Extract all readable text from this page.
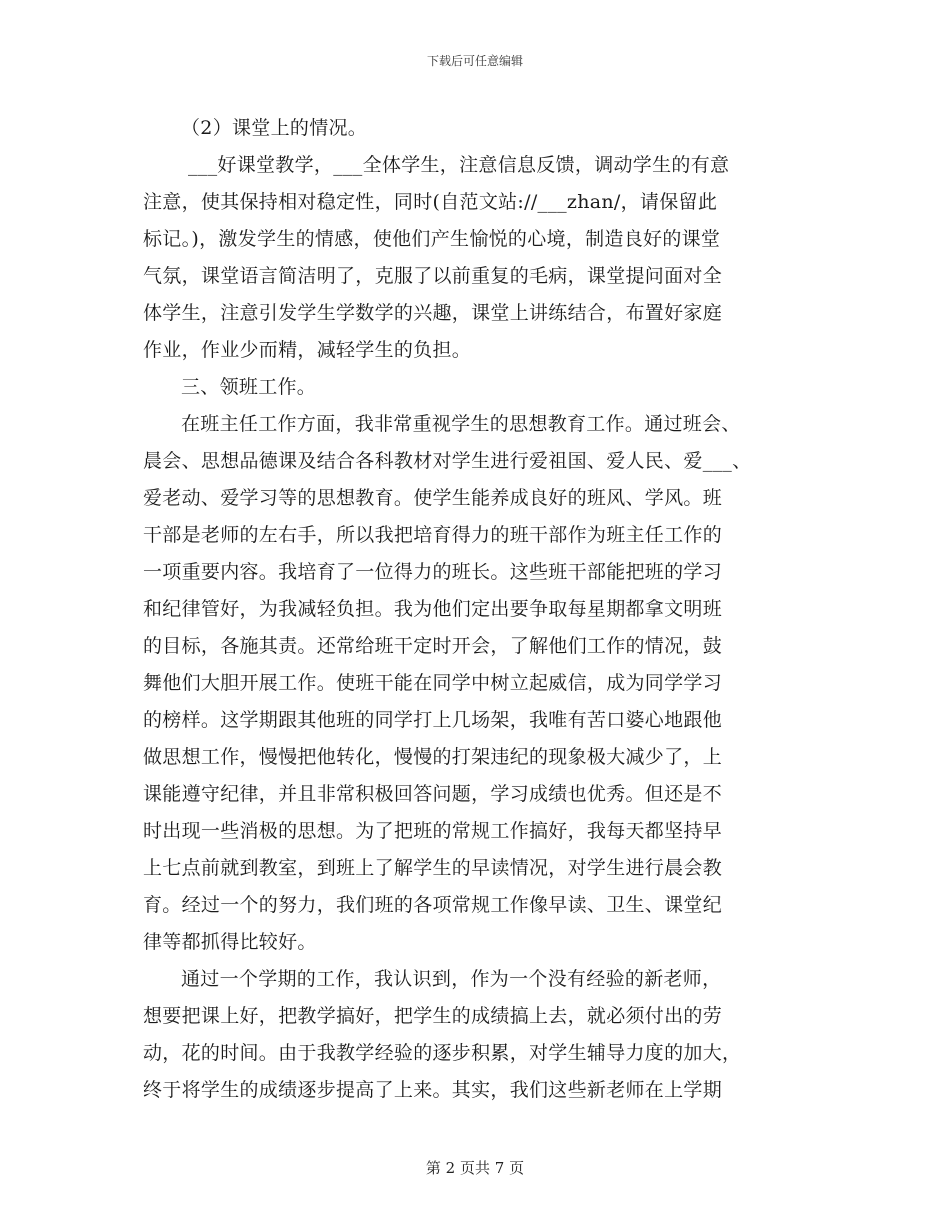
下载后可任意编辑
（2）课堂上的情况。
___好课堂教学，___全体学生，注意信息反馈，调动学生的有意
注意，使其保持相对稳定性，同时(自范文站://___zhan/，请保留此
标记。)，激发学生的情感，使他们产生愉悦的心境，制造良好的课堂
气氛，课堂语言简洁明了，克服了以前重复的毛病，课堂提问面对全
体学生，注意引发学生学数学的兴趣，课堂上讲练结合，布置好家庭
作业，作业少而精，减轻学生的负担。
三、领班工作。
在班主任工作方面，我非常重视学生的思想教育工作。通过班会、
晨会、思想品德课及结合各科教材对学生进行爱祖国、爱人民、爱___、
爱老动、爱学习等的思想教育。使学生能养成良好的班风、学风。班
干部是老师的左右手，所以我把培育得力的班干部作为班主任工作的
一项重要内容。我培育了一位得力的班长。这些班干部能把班的学习
和纪律管好，为我减轻负担。我为他们定出要争取每星期都拿文明班
的目标，各施其责。还常给班干定时开会，了解他们工作的情况，鼓
舞他们大胆开展工作。使班干能在同学中树立起威信，成为同学学习
的榜样。这学期跟其他班的同学打上几场架，我唯有苦口婆心地跟他
做思想工作，慢慢把他转化，慢慢的打架违纪的现象极大减少了，上
课能遵守纪律，并且非常积极回答问题，学习成绩也优秀。但还是不
时出现一些消极的思想。为了把班的常规工作搞好，我每天都坚持早
上七点前就到教室，到班上了解学生的早读情况，对学生进行晨会教
育。经过一个的努力，我们班的各项常规工作像早读、卫生、课堂纪
律等都抓得比较好。
通过一个学期的工作，我认识到，作为一个没有经验的新老师，
想要把课上好，把教学搞好，把学生的成绩搞上去，就必须付出的劳
动，花的时间。由于我教学经验的逐步积累，对学生辅导力度的加大，
终于将学生的成绩逐步提高了上来。其实，我们这些新老师在上学期
第 2 页共 7 页
